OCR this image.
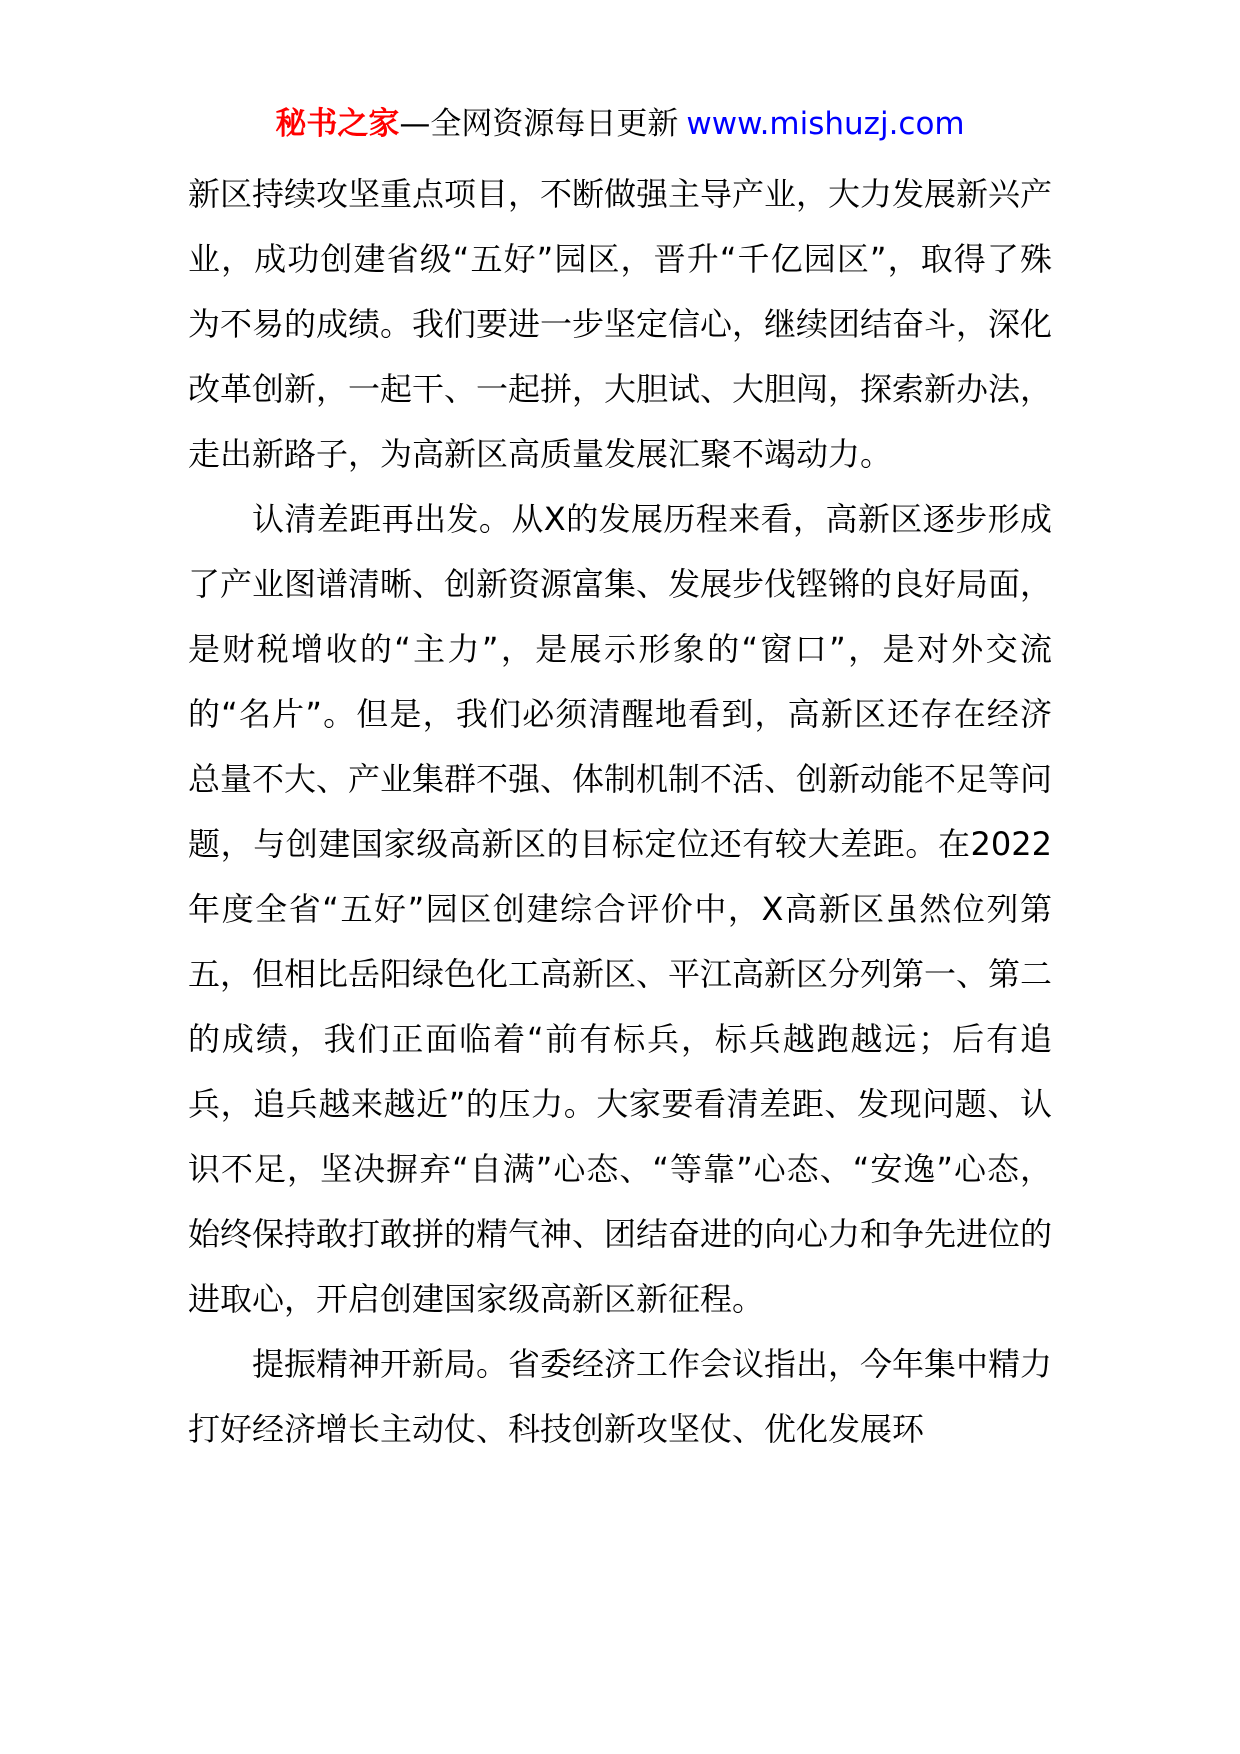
秘书之家—全网资源每日更新 www.mishuzj.com

新区持续攻坚重点项目，不断做强主导产业，大力发展新兴产业，成功创建省级“五好”园区，晋升“千亿园区”，取得了殊为不易的成绩。我们要进一步坚定信心，继续团结奋斗，深化改革创新，一起干、一起拼，大胆试、大胆闯，探索新办法，走出新路子，为高新区高质量发展汇聚不竭动力。

认清差距再出发。从X的发展历程来看，高新区逐步形成了产业图谱清晰、创新资源富集、发展步伐铿锵的良好局面，是财税增收的“主力”，是展示形象的“窗口”，是对外交流的“名片”。但是，我们必须清醒地看到，高新区还存在经济总量不大、产业集群不强、体制机制不活、创新动能不足等问题，与创建国家级高新区的目标定位还有较大差距。在2022年度全省“五好”园区创建综合评价中，X高新区虽然位列第五，但相比岳阳绿色化工高新区、平江高新区分列第一、第二的成绩，我们正面临着“前有标兵，标兵越跑越远；后有追兵，追兵越来越近”的压力。大家要看清差距、发现问题、认识不足，坚决摒弃“自满”心态、“等靠”心态、“安逸”心态，始终保持敢打敢拼的精气神、团结奋进的向心力和争先进位的进取心，开启创建国家级高新区新征程。

提振精神开新局。省委经济工作会议指出，今年集中精力打好经济增长主动仗、科技创新攻坚仗、优化发展环
